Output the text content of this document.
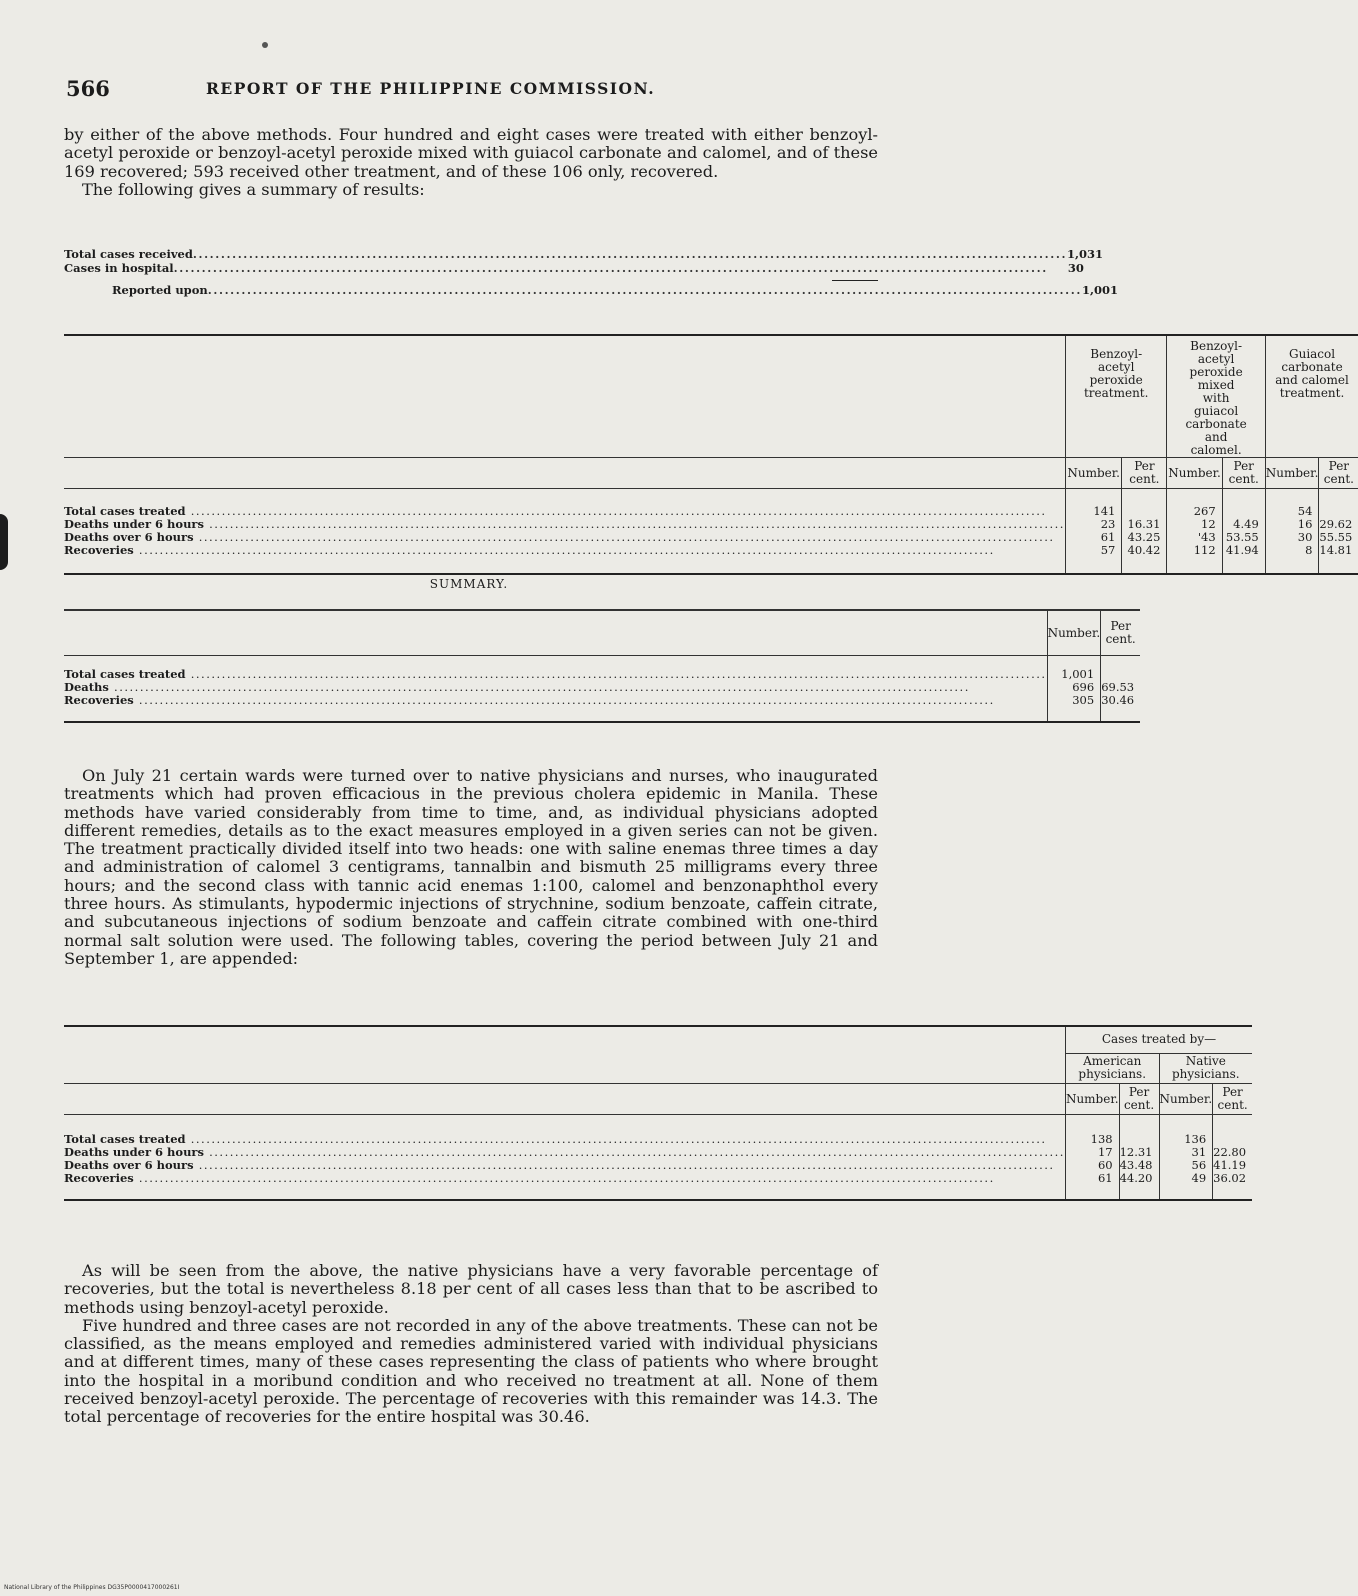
566	REPORT OF THE PHILIPPINE COMMISSION.

by either of the above methods. Four hundred and eight cases were treated with either benzoyl-acetyl peroxide or benzoyl-acetyl peroxide mixed with guiacol carbonate and calomel, and of these 169 recovered; 593 received other treatment, and of these 106 only, recovered.

The following gives a summary of results:

Total cases received .....	1,031
Cases in hospital .....	30
Reported upon .....	1,001
	Benzoyl-acetyl peroxide treatment.		Benzoyl-acetyl peroxide mixed with guiacol carbonate and calomel.		Guiacol carbonate and calomel treatment.	
	Number.	Per cent.	Number.	Per cent.	Number.	Per cent.

Total cases treated .....	141		267		54	

Deaths under 6 hours .....	23	16.31	12	4.49	16	29.62

Deaths over 6 hours .....	61	43.25	'43	53.55	30	55.55

Recoveries .....	57	40.42	112	41.94	8	14.81
SUMMARY.
	Number.	Per cent.

Total cases treated .....	1,001	

Deaths .....	696	69.53

Recoveries .....	305	30.46

On July 21 certain wards were turned over to native physicians and nurses, who inaugurated treatments which had proven efficacious in the previous cholera epidemic in Manila. These methods have varied considerably from time to time, and, as individual physicians adopted different remedies, details as to the exact measures employed in a given series can not be given. The treatment practically divided itself into two heads: one with saline enemas three times a day and administration of calomel 3 centigrams, tannalbin and bismuth 25 milligrams every three hours; and the second class with tannic acid enemas 1:100, calomel and benzonaphthol every three hours. As stimulants, hypodermic injections of strychnine, sodium benzoate, caffein citrate, and subcutaneous injections of sodium benzoate and caffein citrate combined with one-third normal salt solution were used. The following tables, covering the period between July 21 and September 1, are appended:

	Cases treated by—			
	American physicians.		Native physicians.	
	Number.	Per cent.	Number.	Per cent.

Total cases treated .....	138		136	

Deaths under 6 hours .....	17	12.31	31	22.80

Deaths over 6 hours .....	60	43.48	56	41.19

Recoveries .....	61	44.20	49	36.02

As will be seen from the above, the native physicians have a very favorable percentage of recoveries, but the total is nevertheless 8.18 per cent of all cases less than that to be ascribed to methods using benzoyl-acetyl peroxide.

Five hundred and three cases are not recorded in any of the above treatments. These can not be classified, as the means employed and remedies administered varied with individual physicians and at different times, many of these cases representing the class of patients who where brought into the hospital in a moribund condition and who received no treatment at all. None of them received benzoyl-acetyl peroxide. The percentage of recoveries with this remainder was 14.3. The total percentage of recoveries for the entire hospital was 30.46.

National Library of the Philippines DG35P0000417000261I
